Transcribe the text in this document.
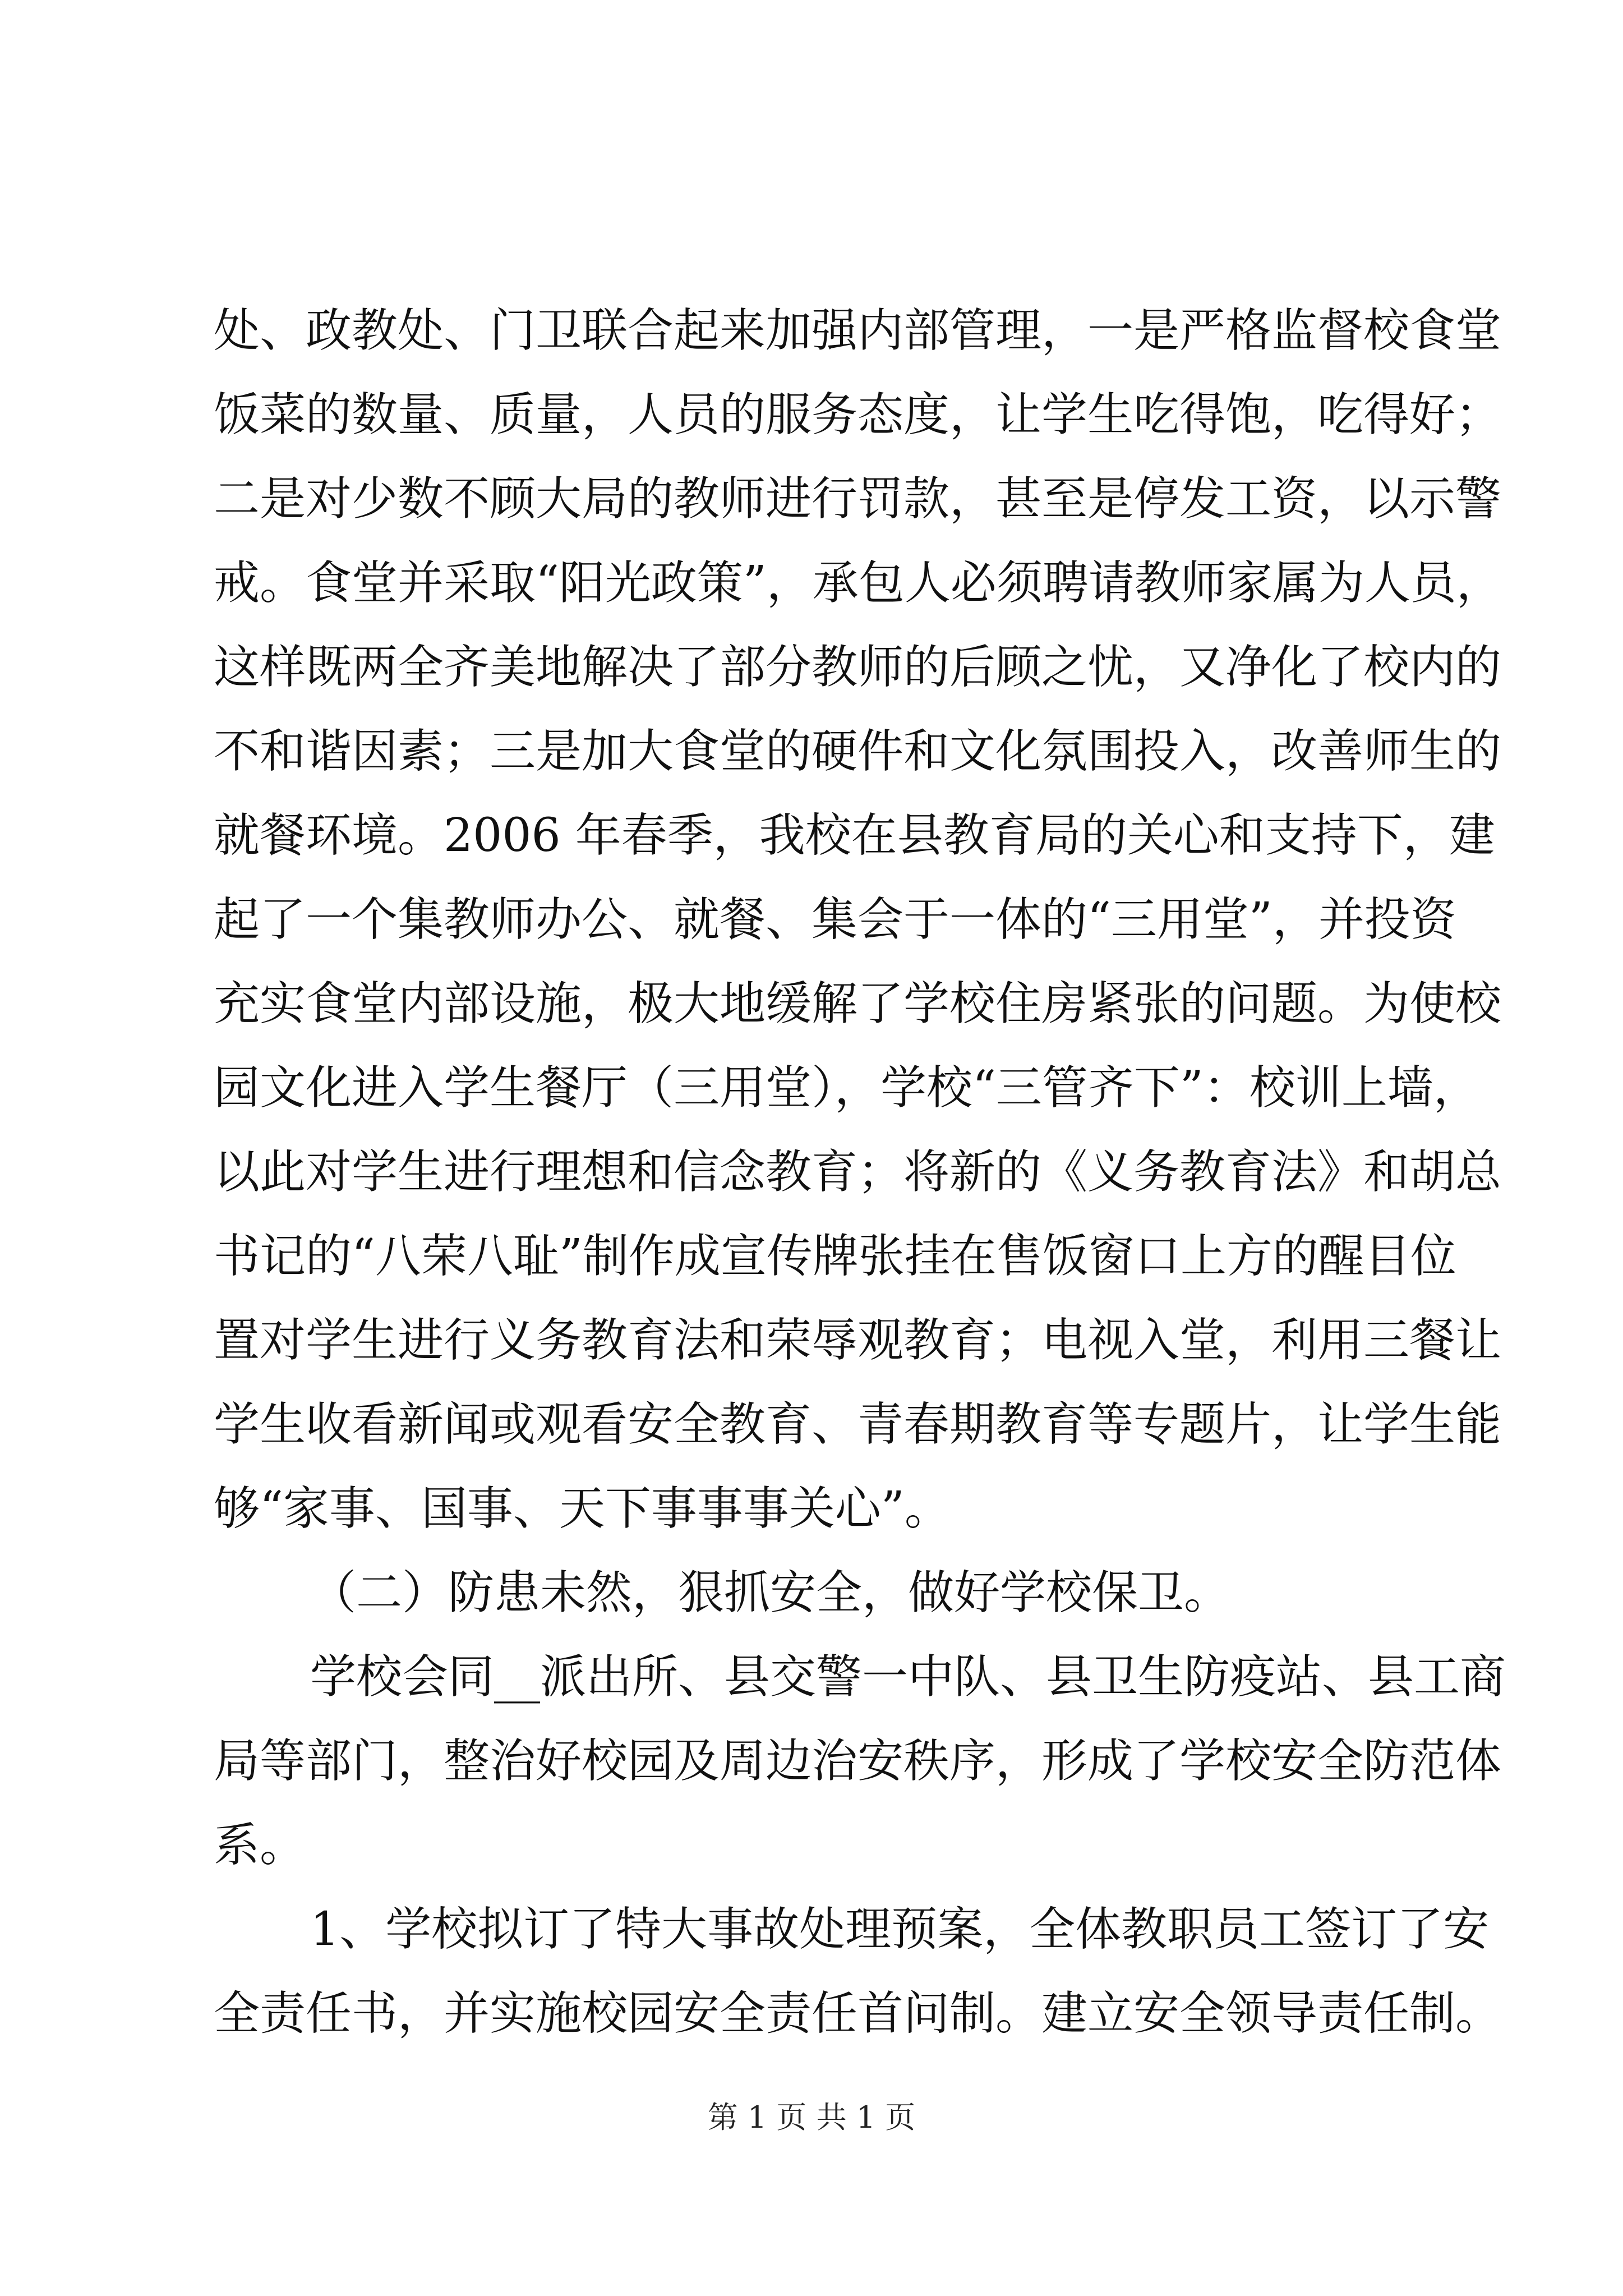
处、政教处、门卫联合起来加强内部管理，一是严格监督校食堂
饭菜的数量、质量，人员的服务态度，让学生吃得饱，吃得好；
二是对少数不顾大局的教师进行罚款，甚至是停发工资，以示警
戒。食堂并采取“阳光政策”，承包人必须聘请教师家属为人员，
这样既两全齐美地解决了部分教师的后顾之忧，又净化了校内的
不和谐因素；三是加大食堂的硬件和文化氛围投入，改善师生的
就餐环境。2006 年春季，我校在县教育局的关心和支持下，建
起了一个集教师办公、就餐、集会于一体的“三用堂”，并投资
充实食堂内部设施，极大地缓解了学校住房紧张的问题。为使校
园文化进入学生餐厅（三用堂），学校“三管齐下”：校训上墙，
以此对学生进行理想和信念教育；将新的《义务教育法》和胡总
书记的“八荣八耻”制作成宣传牌张挂在售饭窗口上方的醒目位
置对学生进行义务教育法和荣辱观教育；电视入堂，利用三餐让
学生收看新闻或观看安全教育、青春期教育等专题片，让学生能
够“家事、国事、天下事事事关心”。
（二）防患未然，狠抓安全，做好学校保卫。
学校会同__派出所、县交警一中队、县卫生防疫站、县工商
局等部门，整治好校园及周边治安秩序，形成了学校安全防范体
系。
1、学校拟订了特大事故处理预案，全体教职员工签订了安
全责任书，并实施校园安全责任首问制。建立安全领导责任制。
第 1 页 共 1 页
